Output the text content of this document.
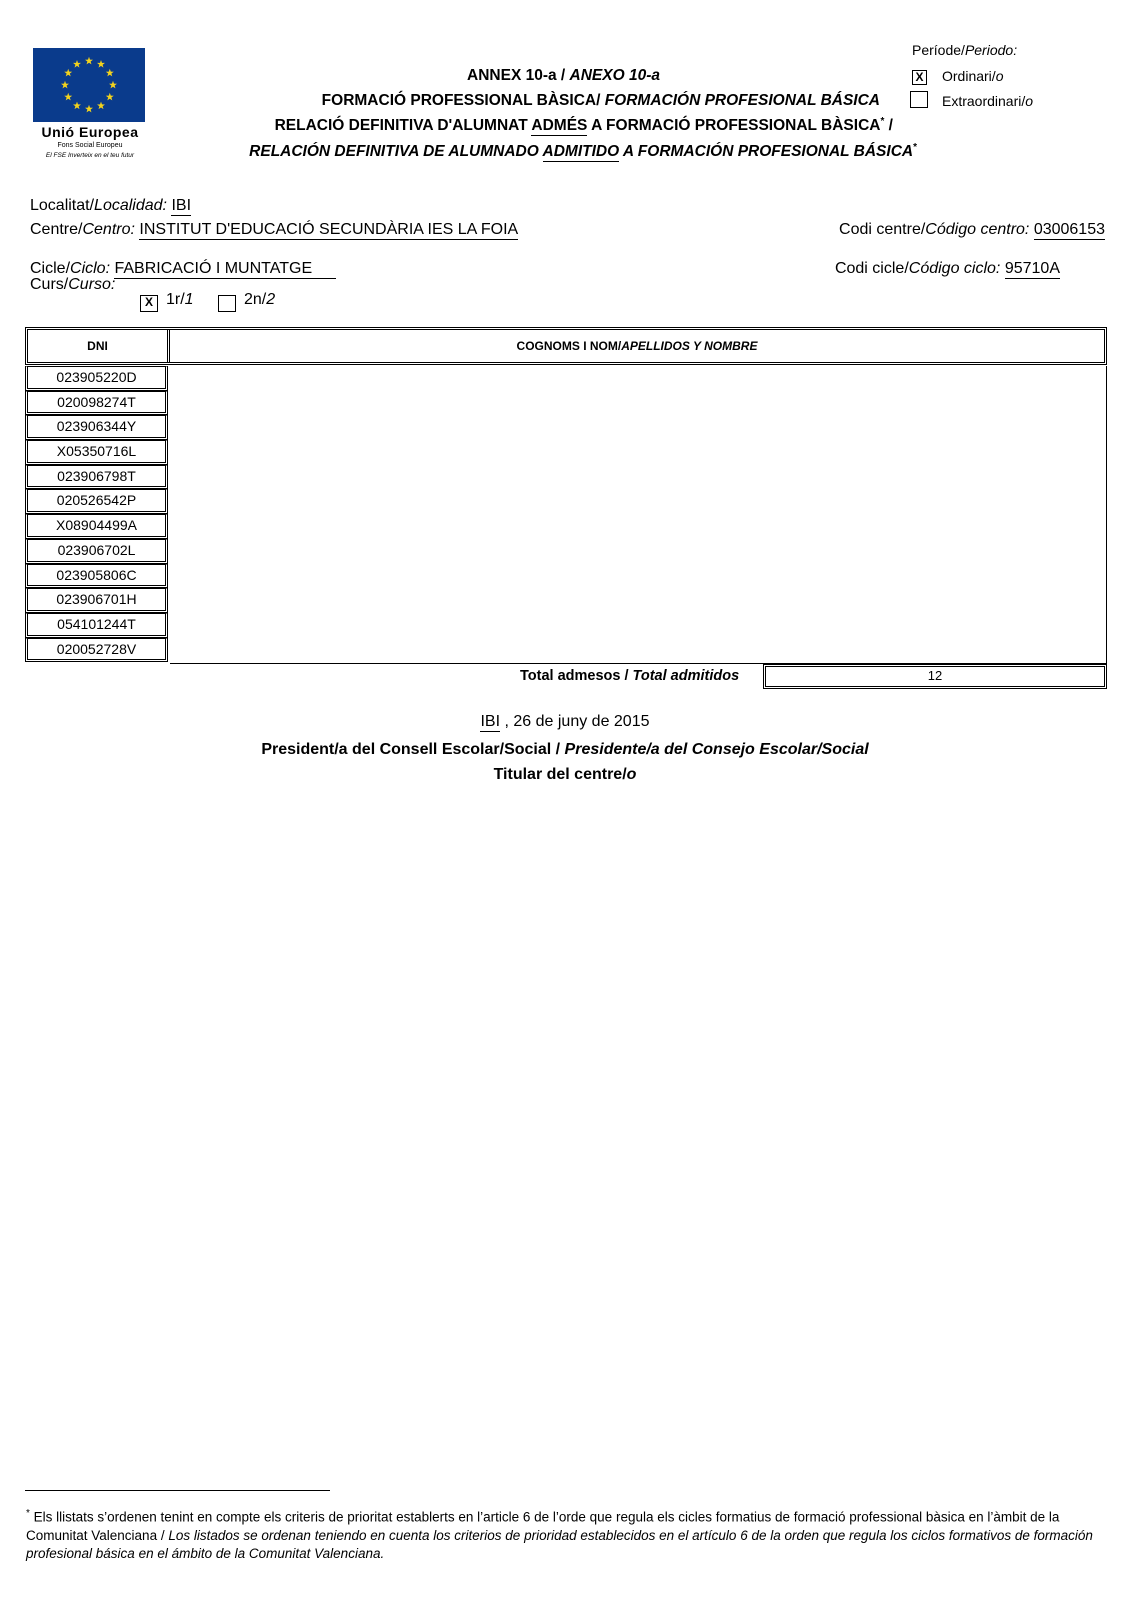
Unió Europea
Fons Social Europeu
El FSE Inverteix en el teu futur
ANNEX 10-a / ANEXO 10-a
FORMACIÓ PROFESSIONAL BÀSICA/ FORMACIÓN PROFESIONAL BÁSICA
RELACIÓ DEFINITIVA D'ALUMNAT ADMÉS A FORMACIÓ PROFESSIONAL BÀSICA* /
RELACIÓN DEFINITIVA DE ALUMNADO ADMITIDO A FORMACIÓN PROFESIONAL BÁSICA*
Període/Periodo:
X Ordinari/o
Extraordinari/o
Localitat/Localidad: IBI
Centre/Centro: INSTITUT D'EDUCACIÓ SECUNDÀRIA IES LA FOIA	Codi centre/Código centro: 03006153
Cicle/Ciclo: FABRICACIÓ I MUNTATGE	Codi cicle/Código ciclo: 95710A
Curs/Curso:
X 1r/1	2n/2
DNI	COGNOMS I NOM/APELLIDOS Y NOMBRE
023905220D
020098274T
023906344Y
X05350716L
023906798T
020526542P
X08904499A
023906702L
023905806C
023906701H
054101244T
020052728V
Total admesos / Total admitidos	12
IBI , 26 de juny de 2015
President/a del Consell Escolar/Social / Presidente/a del Consejo Escolar/Social
Titular del centre/o
* Els llistats s’ordenen tenint en compte els criteris de prioritat establerts en l’article 6 de l’orde que regula els cicles formatius de formació professional bàsica en l’àmbit de la Comunitat Valenciana / Los listados se ordenan teniendo en cuenta los criterios de prioridad establecidos en el artículo 6 de la orden que regula los ciclos formativos de formación profesional básica en el ámbito de la Comunitat Valenciana.
